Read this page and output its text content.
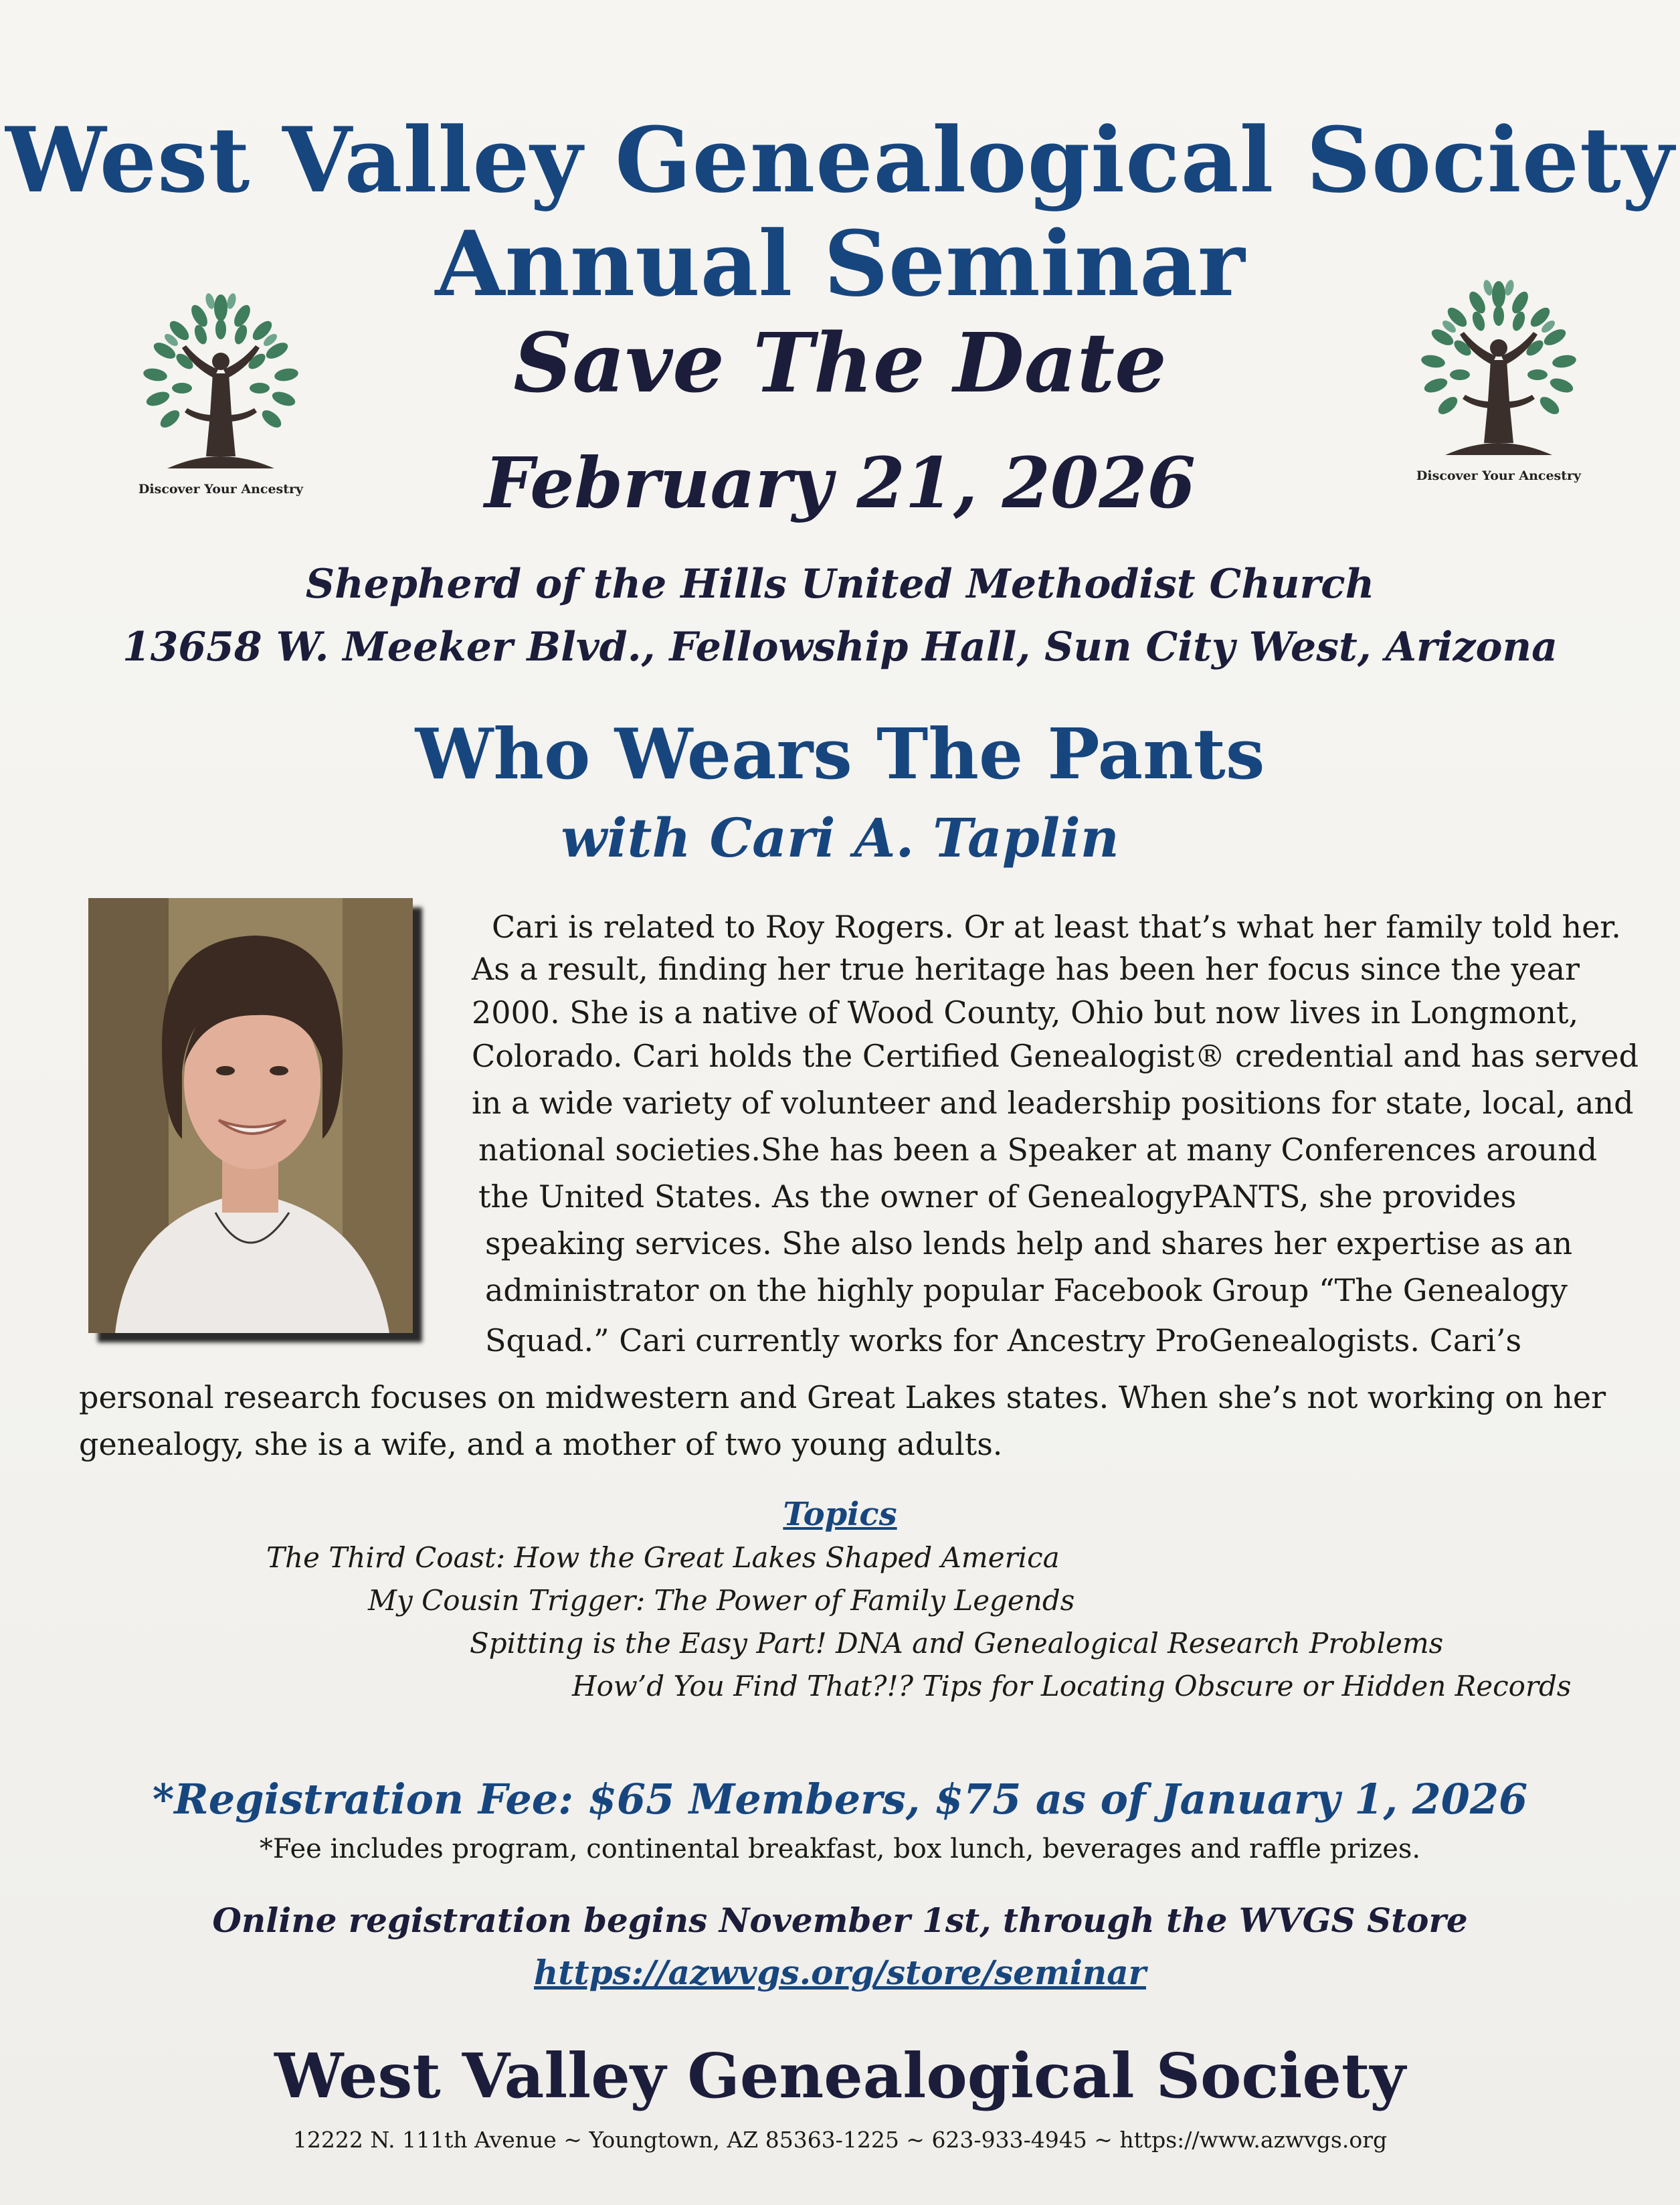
West Valley Genealogical Society
Annual Seminar
Save The Date
February 21, 2026
Discover Your Ancestry
Discover Your Ancestry
Shepherd of the Hills United Methodist Church
13658 W. Meeker Blvd., Fellowship Hall, Sun City West, Arizona
Who Wears The Pants
with Cari A. Taplin
Cari is related to Roy Rogers. Or at least that’s what her family told her.
As a result, finding her true heritage has been her focus since the year
2000. She is a native of Wood County, Ohio but now lives in Longmont,
Colorado. Cari holds the Certified Genealogist® credential and has served
in a wide variety of volunteer and leadership positions for state, local, and
national societies.She has been a Speaker at many Conferences around
the United States. As the owner of GenealogyPANTS, she provides
speaking services. She also lends help and shares her expertise as an
administrator on the highly popular Facebook Group “The Genealogy
Squad.” Cari currently works for Ancestry ProGenealogists. Cari’s
personal research focuses on midwestern and Great Lakes states. When she’s not working on her
genealogy, she is a wife, and a mother of two young adults.
Topics
The Third Coast: How the Great Lakes Shaped America
My Cousin Trigger: The Power of Family Legends
Spitting is the Easy Part! DNA and Genealogical Research Problems
How’d You Find That?!? Tips for Locating Obscure or Hidden Records
*Registration Fee: $65 Members, $75 as of January 1, 2026
*Fee includes program, continental breakfast, box lunch, beverages and raffle prizes.
Online registration begins November 1st, through the WVGS Store
https://azwvgs.org/store/seminar
West Valley Genealogical Society
12222 N. 111th Avenue ~ Youngtown, AZ 85363-1225 ~ 623-933-4945 ~ https://www.azwvgs.org
